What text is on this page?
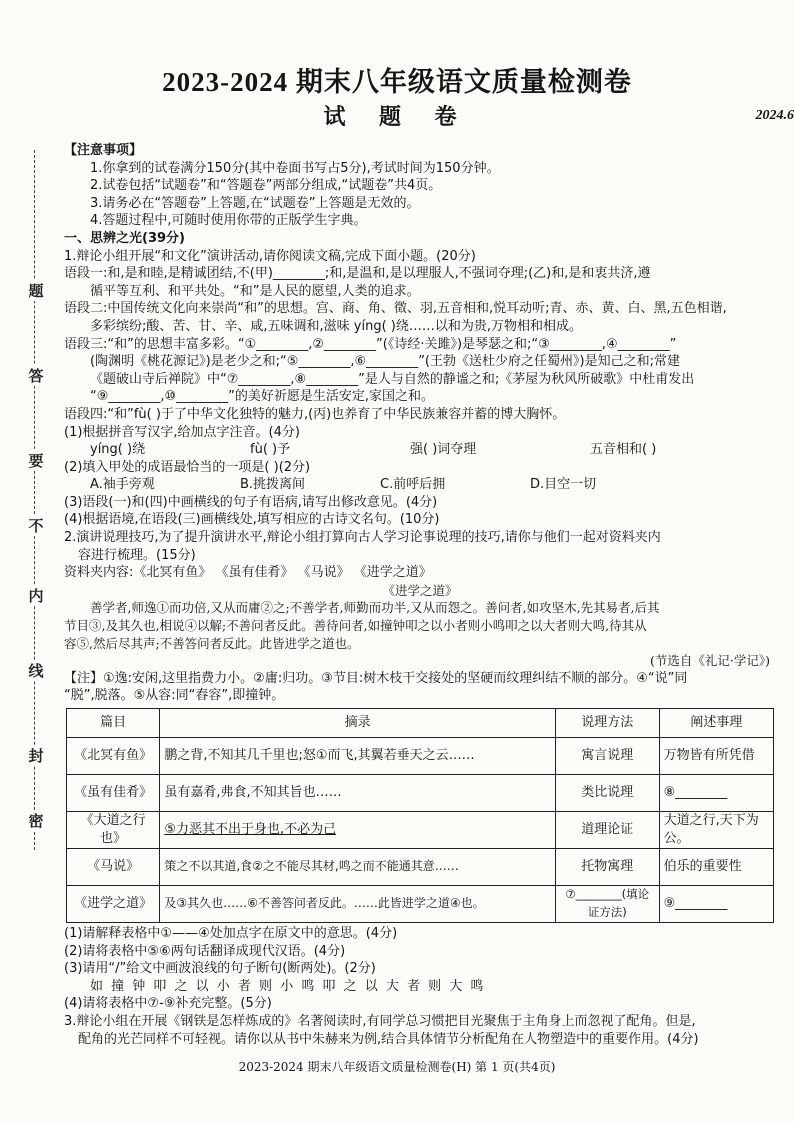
题
答
要
不
内
线
封
密
2023-2024 期末八年级语文质量检测卷
试 题 卷	2024.6
【注意事项】
1.你拿到的试卷满分150分(其中卷面书写占5分),考试时间为150分钟。
2.试卷包括“试题卷”和“答题卷”两部分组成,“试题卷”共4页。
3.请务必在“答题卷”上答题,在“试题卷”上答题是无效的。
4.答题过程中,可随时使用你带的正版学生字典。
一、思辨之光(39分)
1.辩论小组开展“和文化”演讲活动,请你阅读文稿,完成下面小题。(20分)
语段一:和,是和睦,是精诚团结,不(甲)________;和,是温和,是以理服人,不强词夺理;(乙)和,是和衷共济,遵
循平等互利、和平共处。“和”是人民的愿望,人类的追求。
语段二:中国传统文化向来崇尚“和”的思想。宫、商、角、徵、羽,五音相和,悦耳动听;青、赤、黄、白、黑,五色相谐,
多彩缤纷;酸、苦、甘、辛、咸,五味调和,滋味 yíng( )绕……以和为贵,万物相和相成。
语段三:“和”的思想丰富多彩。“①________,②________”(《诗经·关雎》)是琴瑟之和;“③________,④________”
(陶渊明《桃花源记》)是老少之和;“⑤________,⑥________”(王勃《送杜少府之任蜀州》)是知己之和;常建
《题破山寺后禅院》中“⑦________,⑧________”是人与自然的静谧之和;《茅屋为秋风所破歌》中杜甫发出
“⑨________,⑩________”的美好祈愿是生活安定,家国之和。
语段四:“和”fù( )于了中华文化独特的魅力,(丙)也养育了中华民族兼容并蓄的博大胸怀。
(1)根据拼音写汉字,给加点字注音。(4分)
yíng( )绕	fù( )予	强( )词夺理	五音相和( )
(2)填入甲处的成语最恰当的一项是( )(2分)
A.袖手旁观	B.挑拨离间	C.前呼后拥	D.目空一切
(3)语段(一)和(四)中画横线的句子有语病,请写出修改意见。(4分)
(4)根据语境,在语段(三)画横线处,填写相应的古诗文名句。(10分)
2.演讲说理技巧,为了提升演讲水平,辩论小组打算向古人学习论事说理的技巧,请你与他们一起对资料夹内
容进行梳理。(15分)
资料夹内容:《北冥有鱼》 《虽有佳肴》 《马说》 《进学之道》
《进学之道》
善学者,师逸①而功倍,又从而庸②之;不善学者,师勤而功半,又从而怨之。善问者,如攻坚木,先其易者,后其
节目③,及其久也,相说④以解;不善问者反此。善待问者,如撞钟叩之以小者则小鸣叩之以大者则大鸣,待其从
容⑤,然后尽其声;不善答问者反此。此皆进学之道也。
(节选自《礼记·学记》)
【注】①逸:安闲,这里指费力小。②庸:归功。③节目:树木枝干交接处的坚硬而纹理纠结不顺的部分。④“说”同
“脱”,脱落。⑤从容:同“舂容”,即撞钟。
篇目	摘录	说理方法	阐述事理
《北冥有鱼》	鹏之背,不知其几千里也;怒①而飞,其翼若垂天之云……	寓言说理	万物皆有所凭借
《虽有佳肴》	虽有嘉肴,弗食,不知其旨也……	类比说理	⑧________
《大道之行也》	⑤力恶其不出于身也,不必为己	道理论证	大道之行,天下为公。
《马说》	策之不以其道,食②之不能尽其材,鸣之而不能通其意……	托物寓理	伯乐的重要性
《进学之道》	及③其久也……⑥不善答问者反此。……此皆进学之道④也。	⑦________(填论证方法)	⑨________
(1)请解释表格中①——④处加点字在原文中的意思。(4分)
(2)请将表格中⑤⑥两句话翻译成现代汉语。(4分)
(3)请用“/”给文中画波浪线的句子断句(断两处)。(2分)
如 撞 钟 叩 之 以 小 者 则 小 鸣 叩 之 以 大 者 则 大 鸣
(4)请将表格中⑦-⑨补充完整。(5分)
3.辩论小组在开展《钢铁是怎样炼成的》名著阅读时,有同学总习惯把目光聚焦于主角身上而忽视了配角。但是,
配角的光芒同样不可轻视。请你以从书中朱赫来为例,结合具体情节分析配角在人物塑造中的重要作用。(4分)
2023-2024 期末八年级语文质量检测卷(H) 第 1 页(共4页)
